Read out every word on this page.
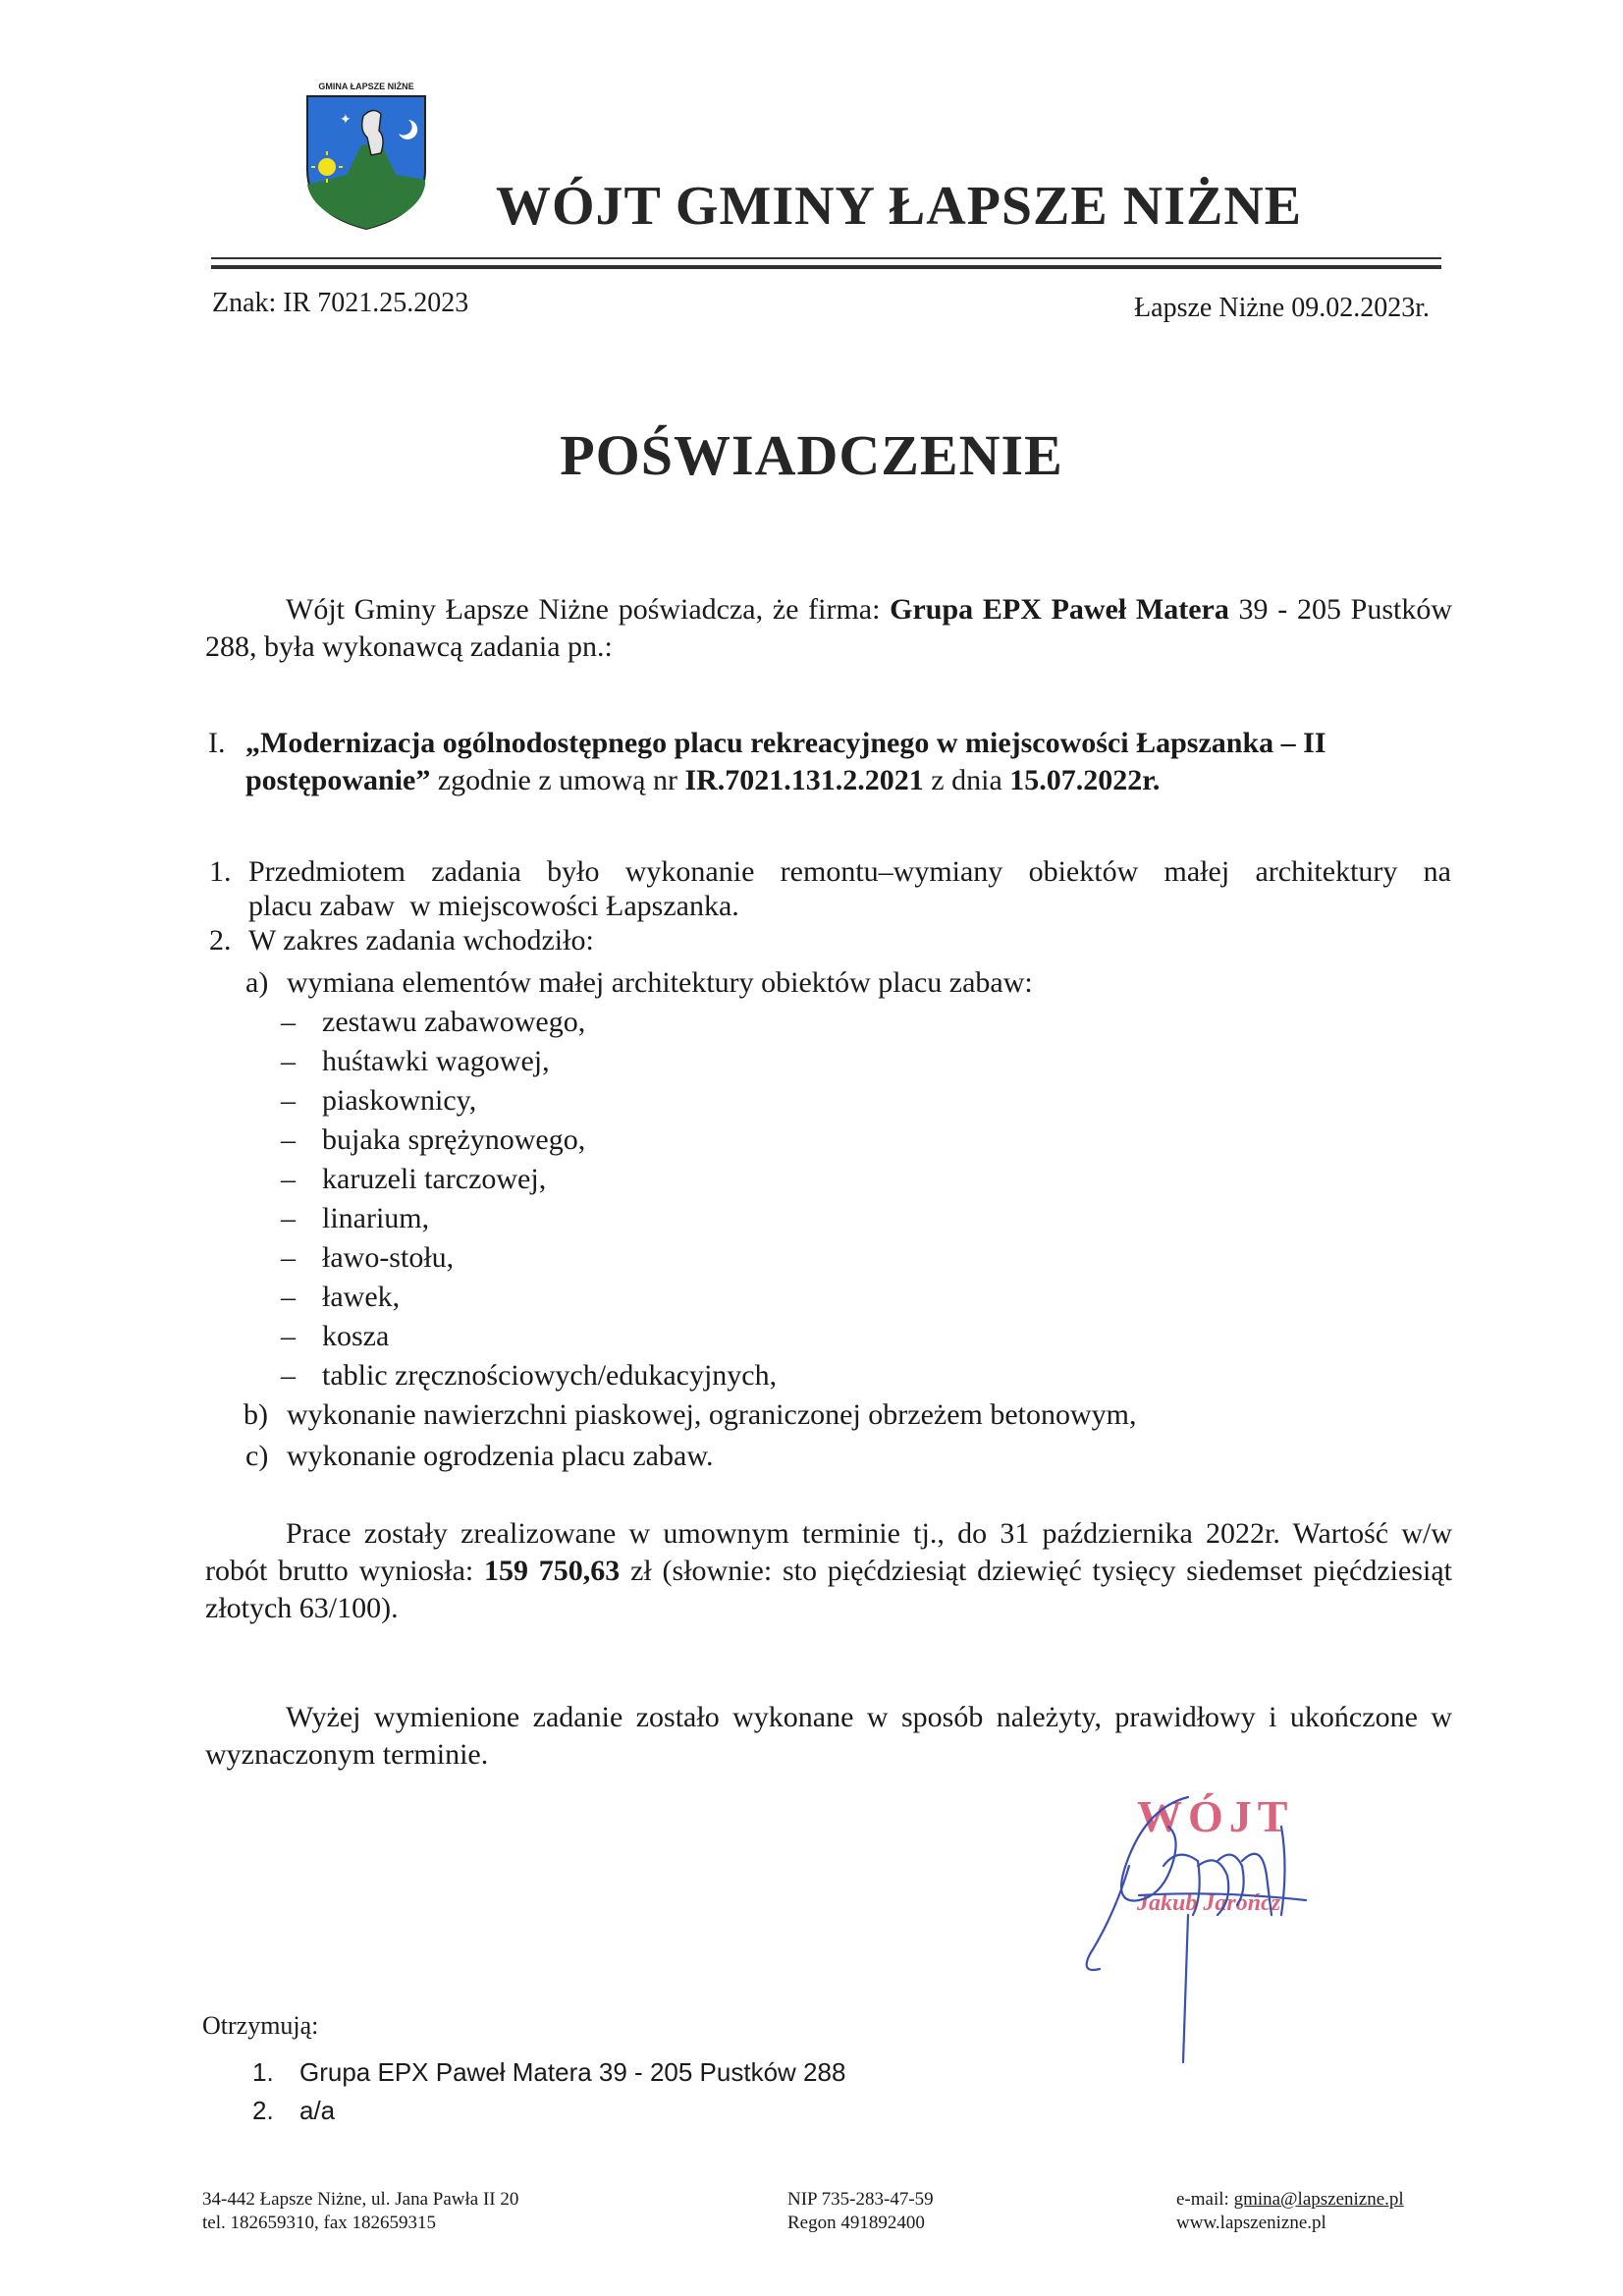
GMINA ŁAPSZE NIŻNE
✦
WÓJT GMINY ŁAPSZE NIŻNE
Znak: IR 7021.25.2023	Łapsze Niżne 09.02.2023r.
POŚWIADCZENIE
Wójt Gminy Łapsze Niżne poświadcza, że firma: Grupa EPX Paweł Matera 39 - 205 Pustków 288, była wykonawcą zadania pn.:
I. „Modernizacja ogólnodostępnego placu rekreacyjnego w miejscowości Łapszanka – II postępowanie” zgodnie z umową nr IR.7021.131.2.2021 z dnia 15.07.2022r.
1. Przedmiotem zadania było wykonanie remontu–wymiany obiektów małej architektury na
placu zabaw  w miejscowości Łapszanka.
2. W zakres zadania wchodziło:
a) wymiana elementów małej architektury obiektów placu zabaw:
– zestawu zabawowego,
– huśtawki wagowej,
– piaskownicy,
– bujaka sprężynowego,
– karuzeli tarczowej,
– linarium,
– ławo-stołu,
– ławek,
– kosza
– tablic zręcznościowych/edukacyjnych,
b) wykonanie nawierzchni piaskowej, ograniczonej obrzeżem betonowym,
c) wykonanie ogrodzenia placu zabaw.
Prace zostały zrealizowane w umownym terminie tj., do 31 października 2022r. Wartość w/w robót brutto wyniosła: 159 750,63 zł (słownie: sto pięćdziesiąt dziewięć tysięcy siedemset pięćdziesiąt złotych 63/100).
Wyżej wymienione zadanie zostało wykonane w sposób należyty, prawidłowy i ukończone w wyznaczonym terminie.
WÓJT
Jakub Jarończ
Otrzymują:
1. Grupa EPX Paweł Matera 39 - 205 Pustków 288
2. a/a
34-442 Łapsze Niżne, ul. Jana Pawła II 20
tel. 182659310, fax 182659315
NIP 735-283-47-59
Regon 491892400
e-mail: gmina@lapszenizne.pl
www.lapszenizne.pl
